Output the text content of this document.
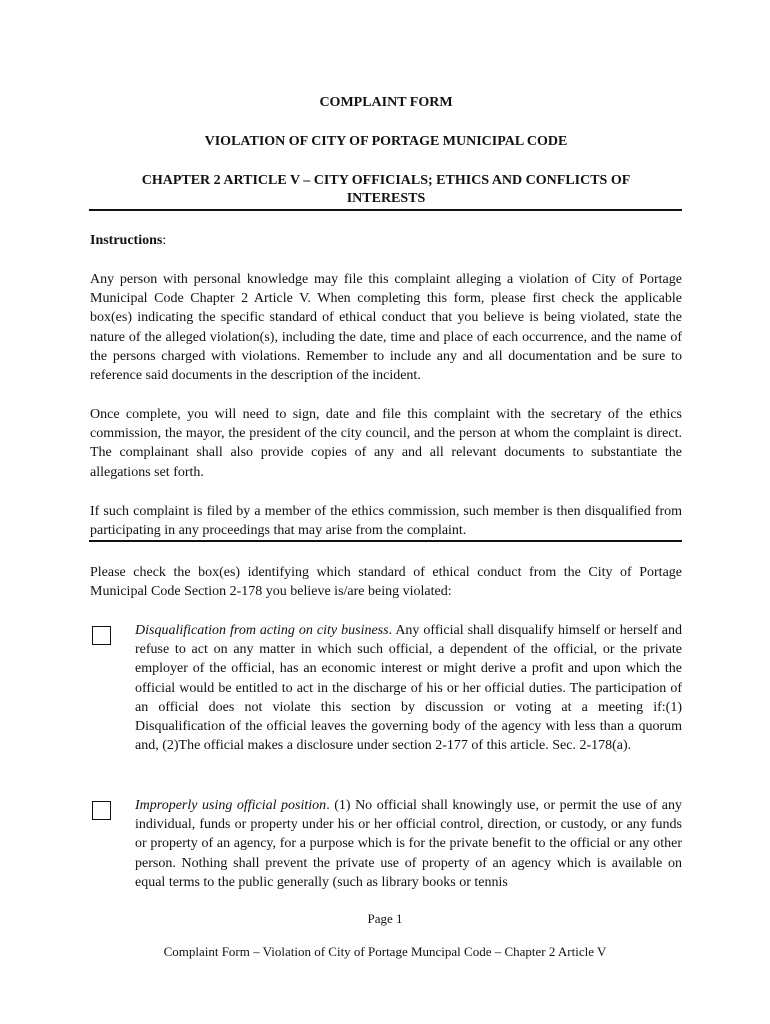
COMPLAINT FORM
VIOLATION OF CITY OF PORTAGE MUNICIPAL CODE
CHAPTER 2 ARTICLE V – CITY OFFICIALS; ETHICS AND CONFLICTS OF
INTERESTS
Instructions:

Any person with personal knowledge may file this complaint alleging a violation of City of Portage Municipal Code Chapter 2 Article V. When completing this form, please first check the applicable box(es) indicating the specific standard of ethical conduct that you believe is being violated, state the nature of the alleged violation(s), including the date, time and place of each occurrence, and the name of the persons charged with violations. Remember to include any and all documentation and be sure to reference said documents in the description of the incident.

Once complete, you will need to sign, date and file this complaint with the secretary of the ethics commission, the mayor, the president of the city council, and the person at whom the complaint is direct. The complainant shall also provide copies of any and all relevant documents to substantiate the allegations set forth.

If such complaint is filed by a member of the ethics commission, such member is then disqualified from participating in any proceedings that may arise from the complaint.

Please check the box(es) identifying which standard of ethical conduct from the City of Portage Municipal Code Section 2-178 you believe is/are being violated:

Disqualification from acting on city business. Any official shall disqualify himself or herself and refuse to act on any matter in which such official, a dependent of the official, or the private employer of the official, has an economic interest or might derive a profit and upon which the official would be entitled to act in the discharge of his or her official duties. The participation of an official does not violate this section by discussion or voting at a meeting if:(1) Disqualification of the official leaves the governing body of the agency with less than a quorum and, (2)The official makes a disclosure under section 2-177 of this article. Sec. 2-178(a).

Improperly using official position. (1) No official shall knowingly use, or permit the use of any individual, funds or property under his or her official control, direction, or custody, or any funds or property of an agency, for a purpose which is for the private benefit to the official or any other person. Nothing shall prevent the private use of property of an agency which is available on equal terms to the public generally (such as library books or tennis

Page 1
Complaint Form – Violation of City of Portage Muncipal Code – Chapter 2 Article V
